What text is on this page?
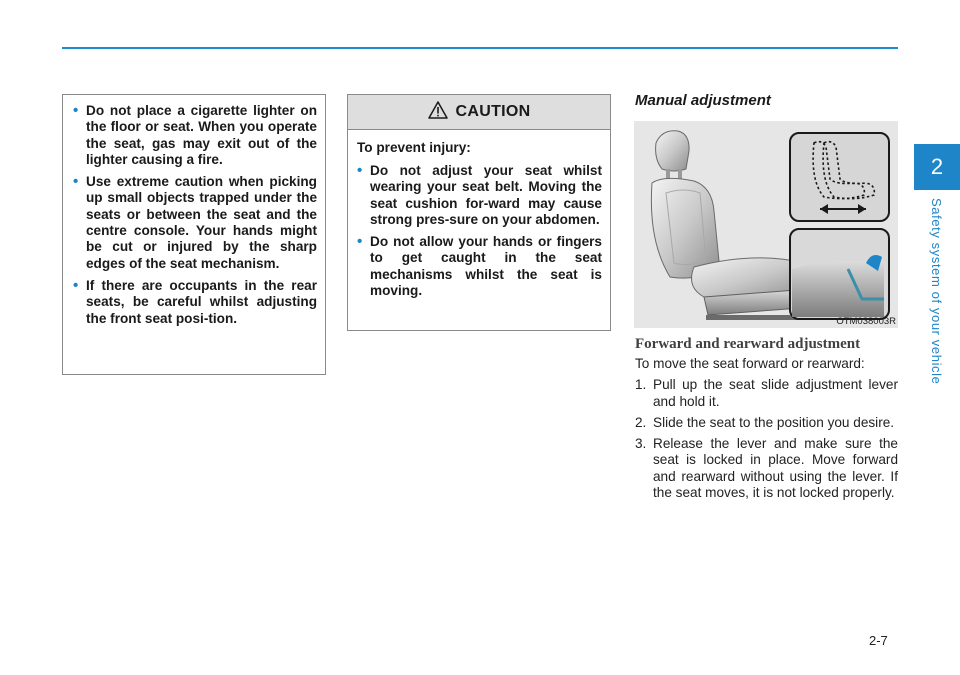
2
Safety system of your vehicle
• Do not place a cigarette lighter on the floor or seat. When you operate the seat, gas may exit out of the lighter causing a fire.
• Use extreme caution when picking up small objects trapped under the seats or between the seat and the centre console. Your hands might be cut or injured by the sharp edges of the seat mechanism.
• If there are occupants in the rear seats, be careful whilst adjusting the front seat posi-tion.
CAUTION

To prevent injury:

• Do not adjust your seat whilst wearing your seat belt. Moving the seat cushion for-ward may cause strong pres-sure on your abdomen.
• Do not allow your hands or fingers to get caught in the seat mechanisms whilst the seat is moving.
Manual adjustment
OTM038003R
Forward and rearward adjustment

To move the seat forward or rearward:

1. Pull up the seat slide adjustment lever and hold it.
2. Slide the seat to the position you desire.
3. Release the lever and make sure the seat is locked in place. Move forward and rearward without using the lever. If the seat moves, it is not locked properly.
2-7
